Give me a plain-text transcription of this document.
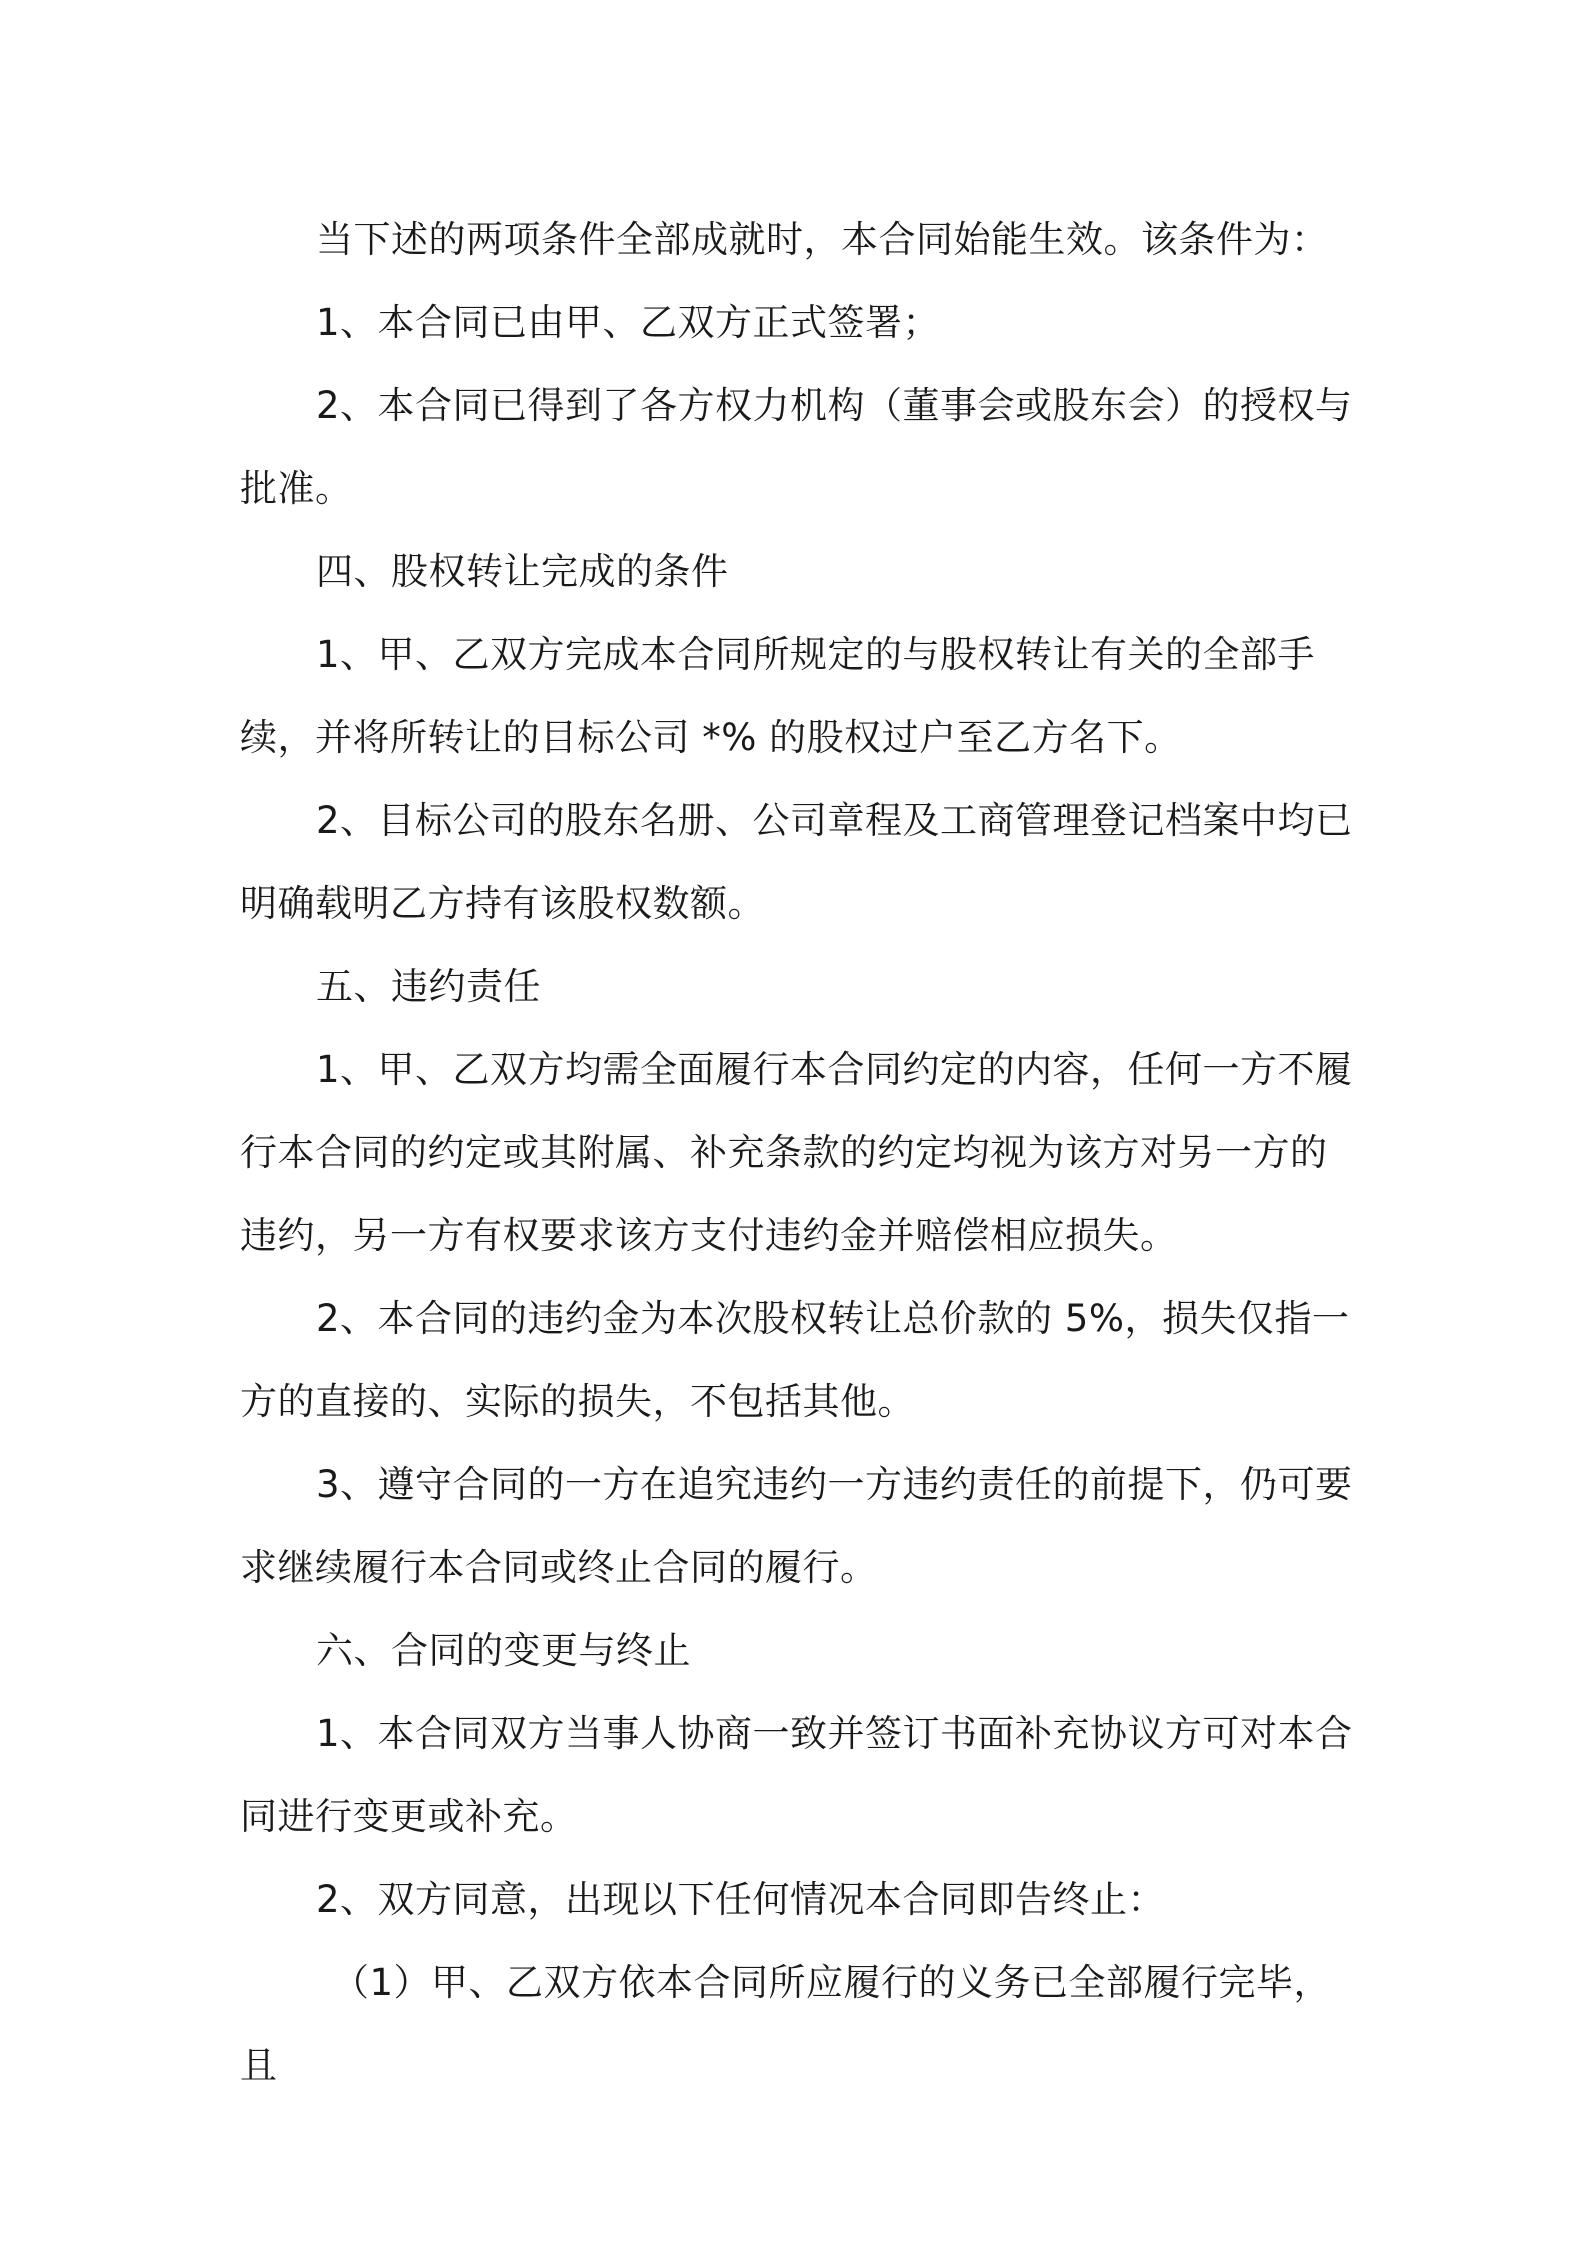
当下述的两项条件全部成就时，本合同始能生效。该条件为：

1、本合同已由甲、乙双方正式签署；

2、本合同已得到了各方权力机构（董事会或股东会）的授权与批准。

四、股权转让完成的条件

1、甲、乙双方完成本合同所规定的与股权转让有关的全部手续，并将所转让的目标公司 *% 的股权过户至乙方名下。

2、目标公司的股东名册、公司章程及工商管理登记档案中均已明确载明乙方持有该股权数额。

五、违约责任

1、甲、乙双方均需全面履行本合同约定的内容，任何一方不履行本合同的约定或其附属、补充条款的约定均视为该方对另一方的违约，另一方有权要求该方支付违约金并赔偿相应损失。

2、本合同的违约金为本次股权转让总价款的 5%，损失仅指一方的直接的、实际的损失，不包括其他。

3、遵守合同的一方在追究违约一方违约责任的前提下，仍可要求继续履行本合同或终止合同的履行。

六、合同的变更与终止

1、本合同双方当事人协商一致并签订书面补充协议方可对本合同进行变更或补充。

2、双方同意，出现以下任何情况本合同即告终止：

（1）甲、乙双方依本合同所应履行的义务已全部履行完毕，且
